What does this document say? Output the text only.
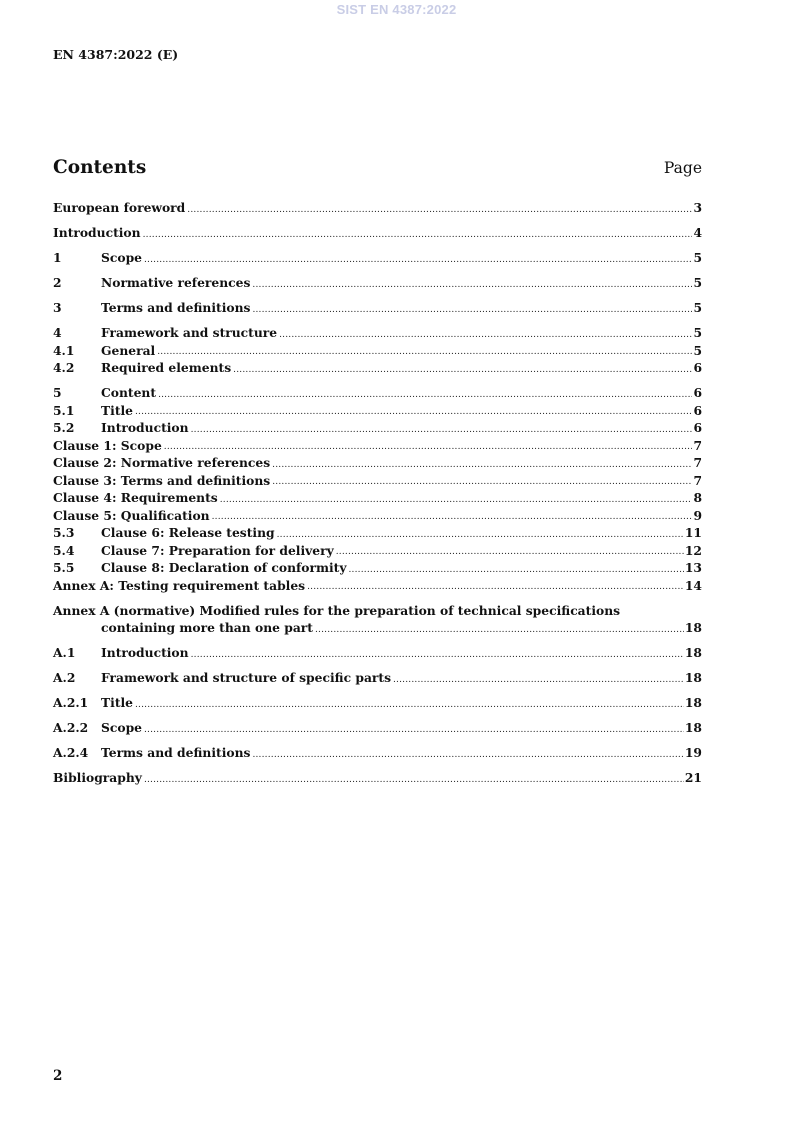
SIST EN 4387:2022
EN 4387:2022 (E)
Contents	Page
European foreword .....	3
Introduction .....	4
1	Scope .....	5
2	Normative references .....	5
3	Terms and definitions .....	5
4	Framework and structure .....	5
4.1	General .....	5
4.2	Required elements .....	6
5	Content .....	6
5.1	Title .....	6
5.2	Introduction .....	6
Clause 1: Scope .....	7
Clause 2: Normative references .....	7
Clause 3: Terms and definitions .....	7
Clause 4: Requirements .....	8
Clause 5: Qualification .....	9
5.3	Clause 6: Release testing .....	11
5.4	Clause 7: Preparation for delivery .....	12
5.5	Clause 8: Declaration of conformity .....	13
Annex A: Testing requirement tables .....	14
Annex A (normative) Modified rules for the preparation of technical specifications
containing more than one part .....	18
A.1	Introduction .....	18
A.2	Framework and structure of specific parts .....	18
A.2.1	Title .....	18
A.2.2	Scope .....	18
A.2.4	Terms and definitions .....	19
Bibliography .....	21
2
